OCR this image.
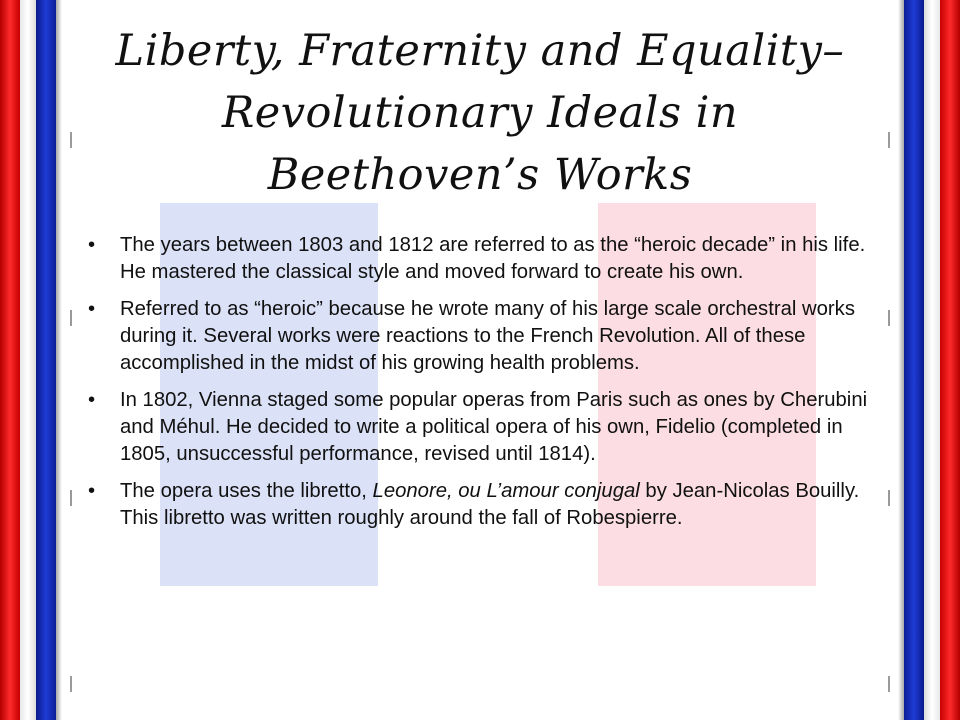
Liberty, Fraternity and Equality–Revolutionary Ideals in Beethoven’s Works
• The years between 1803 and 1812 are referred to as the “heroic decade” in his life. He mastered the classical style and moved forward to create his own.
• Referred to as “heroic” because he wrote many of his large scale orchestral works during it. Several works were reactions to the French Revolution. All of these accomplished in the midst of his growing health problems.
• In 1802, Vienna staged some popular operas from Paris such as ones by Cherubini and Méhul. He decided to write a political opera of his own, Fidelio (completed in 1805, unsuccessful performance, revised until 1814).
• The opera uses the libretto, Leonore, ou L’amour conjugal by Jean-Nicolas Bouilly. This libretto was written roughly around the fall of Robespierre.
